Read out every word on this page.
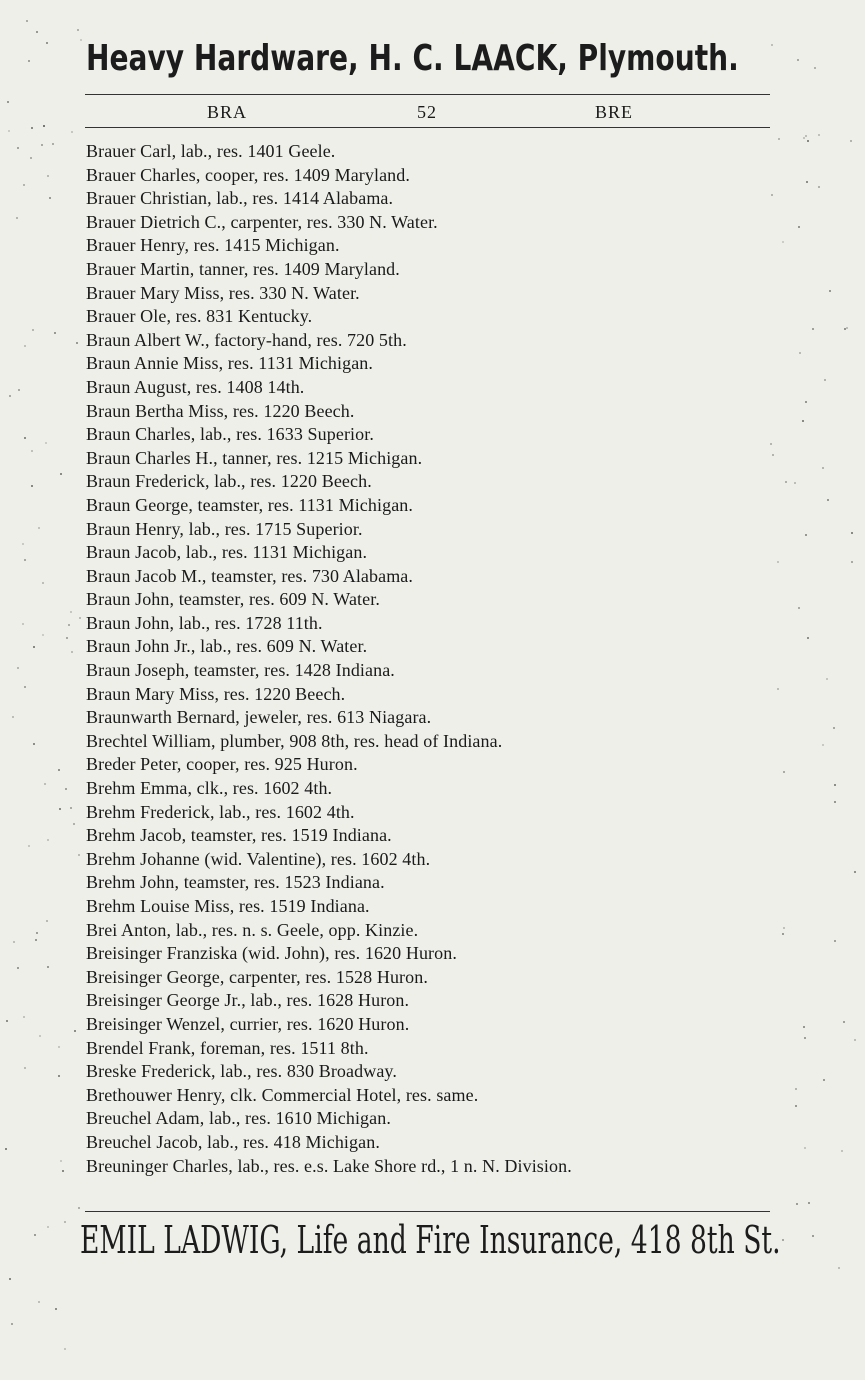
Heavy Hardware, H. C. LAACK, Plymouth.
BRA	52	BRE
Brauer Carl, lab., res. 1401 Geele.
Brauer Charles, cooper, res. 1409 Maryland.
Brauer Christian, lab., res. 1414 Alabama.
Brauer Dietrich C., carpenter, res. 330 N. Water.
Brauer Henry, res. 1415 Michigan.
Brauer Martin, tanner, res. 1409 Maryland.
Brauer Mary Miss, res. 330 N. Water.
Brauer Ole, res. 831 Kentucky.
Braun Albert W., factory-hand, res. 720 5th.
Braun Annie Miss, res. 1131 Michigan.
Braun August, res. 1408 14th.
Braun Bertha Miss, res. 1220 Beech.
Braun Charles, lab., res. 1633 Superior.
Braun Charles H., tanner, res. 1215 Michigan.
Braun Frederick, lab., res. 1220 Beech.
Braun George, teamster, res. 1131 Michigan.
Braun Henry, lab., res. 1715 Superior.
Braun Jacob, lab., res. 1131 Michigan.
Braun Jacob M., teamster, res. 730 Alabama.
Braun John, teamster, res. 609 N. Water.
Braun John, lab., res. 1728 11th.
Braun John Jr., lab., res. 609 N. Water.
Braun Joseph, teamster, res. 1428 Indiana.
Braun Mary Miss, res. 1220 Beech.
Braunwarth Bernard, jeweler, res. 613 Niagara.
Brechtel William, plumber, 908 8th, res. head of Indiana.
Breder Peter, cooper, res. 925 Huron.
Brehm Emma, clk., res. 1602 4th.
Brehm Frederick, lab., res. 1602 4th.
Brehm Jacob, teamster, res. 1519 Indiana.
Brehm Johanne (wid. Valentine), res. 1602 4th.
Brehm John, teamster, res. 1523 Indiana.
Brehm Louise Miss, res. 1519 Indiana.
Brei Anton, lab., res. n. s. Geele, opp. Kinzie.
Breisinger Franziska (wid. John), res. 1620 Huron.
Breisinger George, carpenter, res. 1528 Huron.
Breisinger George Jr., lab., res. 1628 Huron.
Breisinger Wenzel, currier, res. 1620 Huron.
Brendel Frank, foreman, res. 1511 8th.
Breske Frederick, lab., res. 830 Broadway.
Brethouwer Henry, clk. Commercial Hotel, res. same.
Breuchel Adam, lab., res. 1610 Michigan.
Breuchel Jacob, lab., res. 418 Michigan.
Breuninger Charles, lab., res. e.s. Lake Shore rd., 1 n. N. Division.
EMIL LADWIG, Life and Fire Insurance, 418 8th St.
